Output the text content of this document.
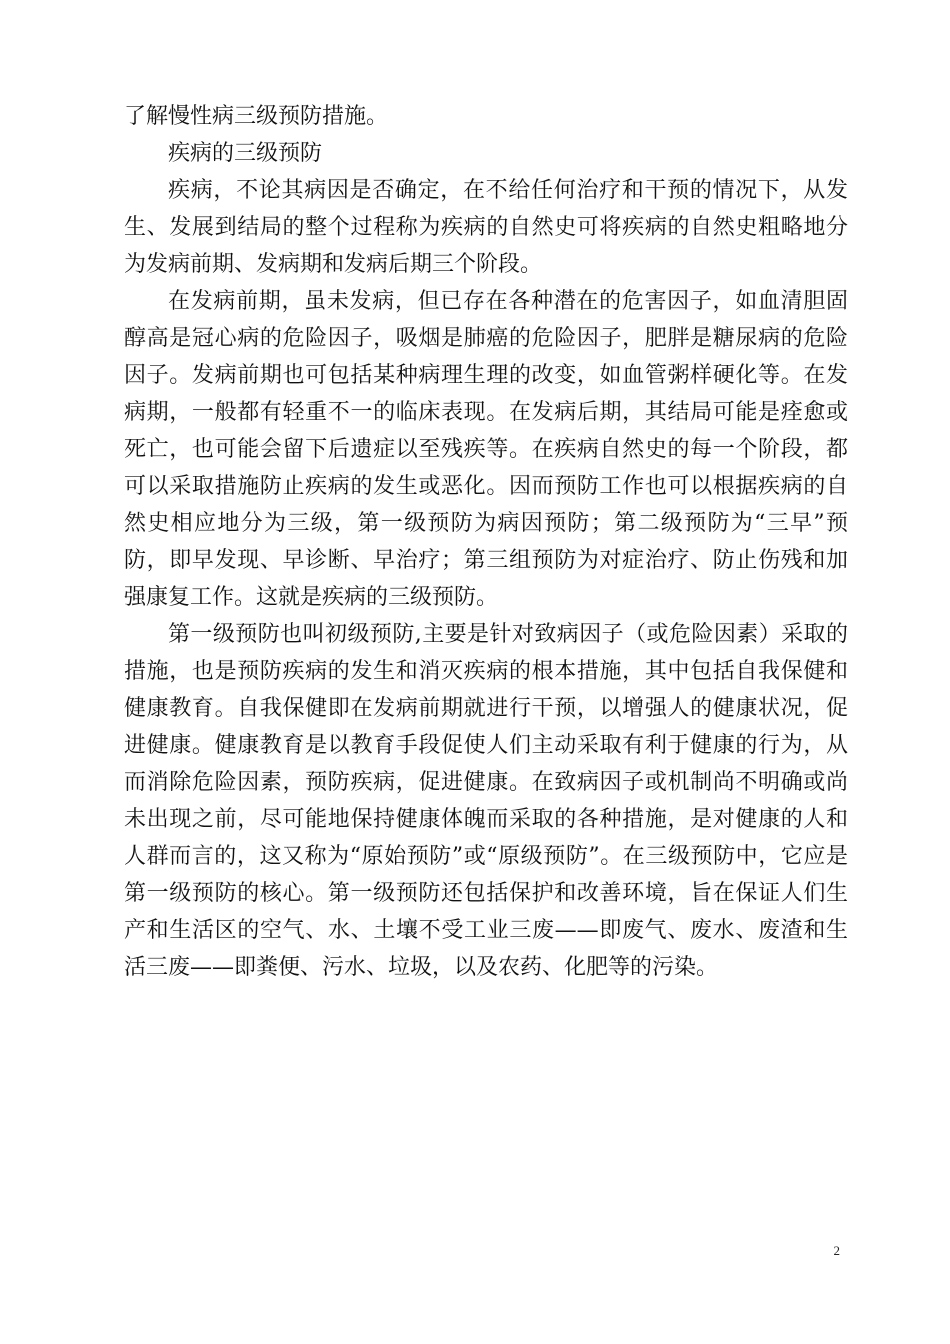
了解慢性病三级预防措施。

疾病的三级预防

疾病，不论其病因是否确定，在不给任何治疗和干预的情况下，从发生、发展到结局的整个过程称为疾病的自然史可将疾病的自然史粗略地分为发病前期、发病期和发病后期三个阶段。

在发病前期，虽未发病，但已存在各种潜在的危害因子，如血清胆固醇高是冠心病的危险因子，吸烟是肺癌的危险因子，肥胖是糖尿病的危险因子。发病前期也可包括某种病理生理的改变，如血管粥样硬化等。在发病期，一般都有轻重不一的临床表现。在发病后期，其结局可能是痊愈或死亡，也可能会留下后遗症以至残疾等。在疾病自然史的每一个阶段，都可以采取措施防止疾病的发生或恶化。因而预防工作也可以根据疾病的自然史相应地分为三级，第一级预防为病因预防；第二级预防为“三早”预防，即早发现、早诊断、早治疗；第三组预防为对症治疗、防止伤残和加强康复工作。这就是疾病的三级预防。

第一级预防也叫初级预防,主要是针对致病因子（或危险因素）采取的措施，也是预防疾病的发生和消灭疾病的根本措施，其中包括自我保健和健康教育。自我保健即在发病前期就进行干预，以增强人的健康状况，促进健康。健康教育是以教育手段促使人们主动采取有利于健康的行为，从而消除危险因素，预防疾病，促进健康。在致病因子或机制尚不明确或尚未出现之前，尽可能地保持健康体魄而采取的各种措施，是对健康的人和人群而言的，这又称为“原始预防”或“原级预防”。在三级预防中，它应是第一级预防的核心。第一级预防还包括保护和改善环境，旨在保证人们生产和生活区的空气、水、土壤不受工业三废——即废气、废水、废渣和生活三废——即粪便、污水、垃圾，以及农药、化肥等的污染。

2
